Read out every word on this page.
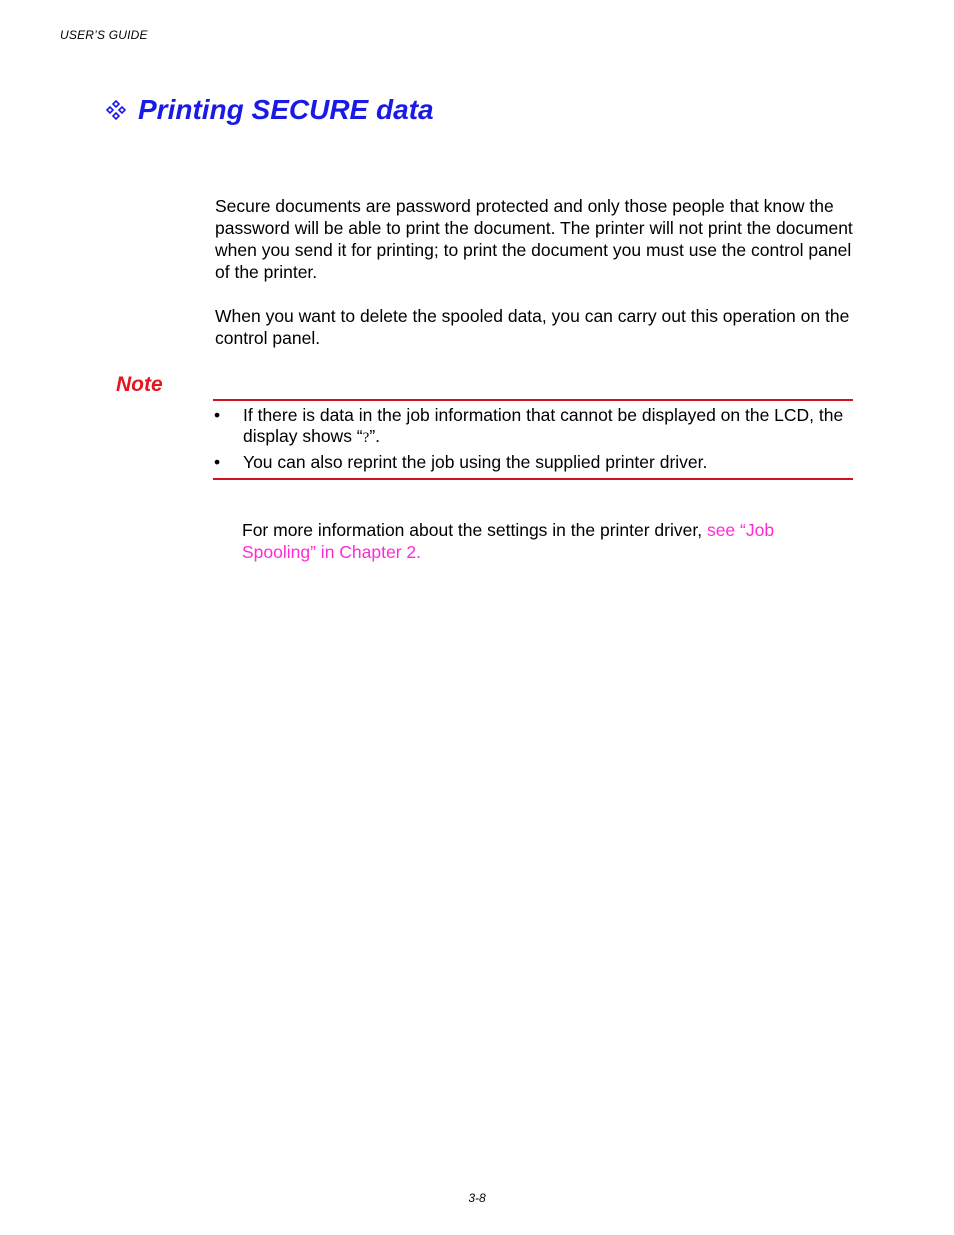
USER’S GUIDE
Printing SECURE data

Secure documents are password protected and only those people that know the password will be able to print the document. The printer will not print the document when you send it for printing; to print the document you must use the control panel of the printer.

When you want to delete the spooled data, you can carry out this operation on the control panel.

Note
• If there is data in the job information that cannot be displayed on the LCD, the display shows “?”.
• You can also reprint the job using the supplied printer driver.
For more information about the settings in the printer driver, see “Job Spooling” in Chapter 2.
3-8
